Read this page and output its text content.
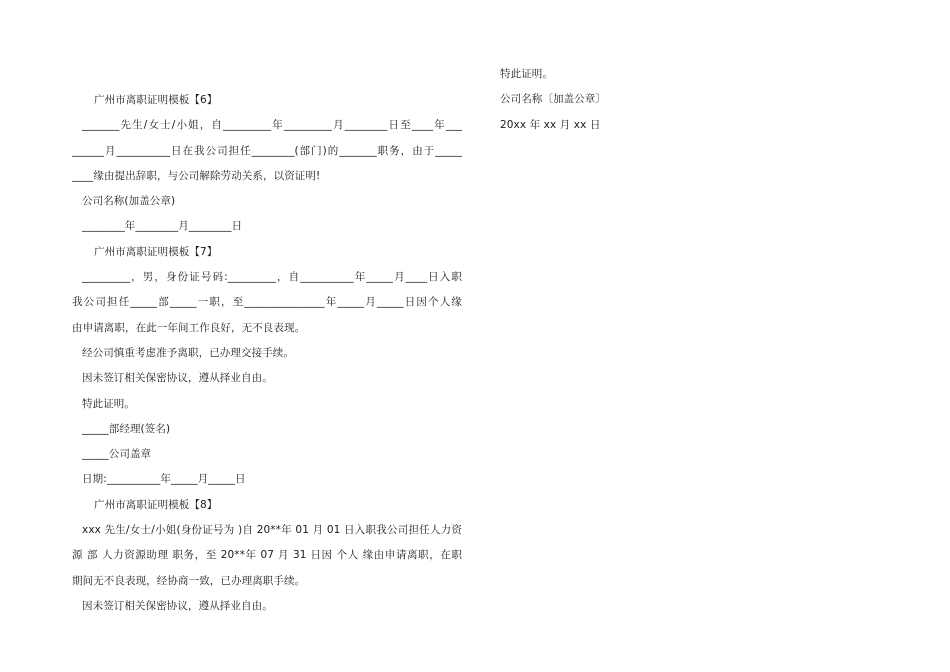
广州市离职证明模板【6】
_______先生/女士/小姐，自_________年_________月________日至____年___
______月__________日在我公司担任________(部门)的_______职务，由于_____
____缘由提出辞职，与公司解除劳动关系，以资证明!
公司名称(加盖公章)
________年________月________日
广州市离职证明模板【7】
_________，男，身份证号码:_________，自__________年_____月____日入职
我公司担任_____部_____一职，至_______________年_____月_____日因个人缘
由申请离职，在此一年间工作良好，无不良表现。
经公司慎重考虑准予离职，已办理交接手续。
因未签订相关保密协议，遵从择业自由。
特此证明。
_____部经理(签名)
_____公司盖章
日期:__________年_____月_____日
广州市离职证明模板【8】
xxx 先生/女士/小姐(身份证号为 )自 20**年 01 月 01 日入职我公司担任人力资
源 部 人力资源助理 职务，至 20**年 07 月 31 日因 个人 缘由申请离职，在职
期间无不良表现，经协商一致，已办理离职手续。
因未签订相关保密协议，遵从择业自由。
特此证明。
公司名称〔加盖公章〕
20xx 年 xx 月 xx 日
